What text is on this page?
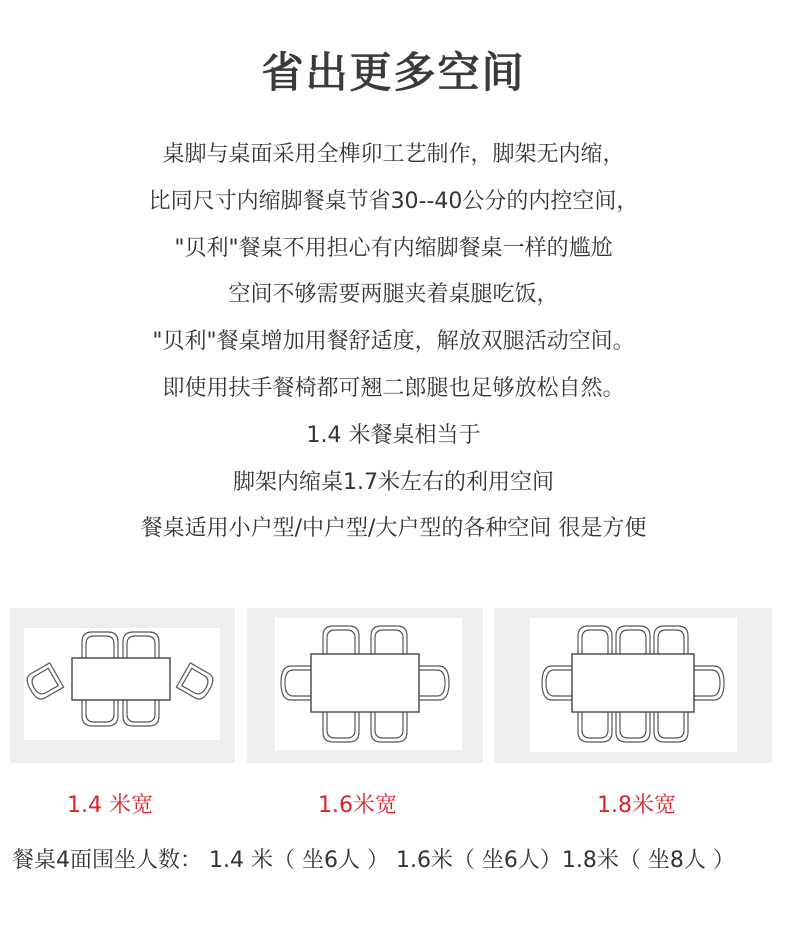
省出更多空间
桌脚与桌面采用全榫卯工艺制作，脚架无内缩，
比同尺寸内缩脚餐桌节省30--40公分的内控空间，
"贝利"餐桌不用担心有内缩脚餐桌一样的尴尬
空间不够需要两腿夹着桌腿吃饭，
"贝利"餐桌增加用餐舒适度，解放双腿活动空间。
即使用扶手餐椅都可翘二郎腿也足够放松自然。
1.4 米餐桌相当于
脚架内缩桌1.7米左右的利用空间
餐桌适用小户型/中户型/大户型的各种空间 很是方便
1.4 米宽	1.6米宽	1.8米宽
餐桌4面围坐人数： 1.4 米（ 坐6人 ） 1.6米（ 坐6人）1.8米（ 坐8人 ）
